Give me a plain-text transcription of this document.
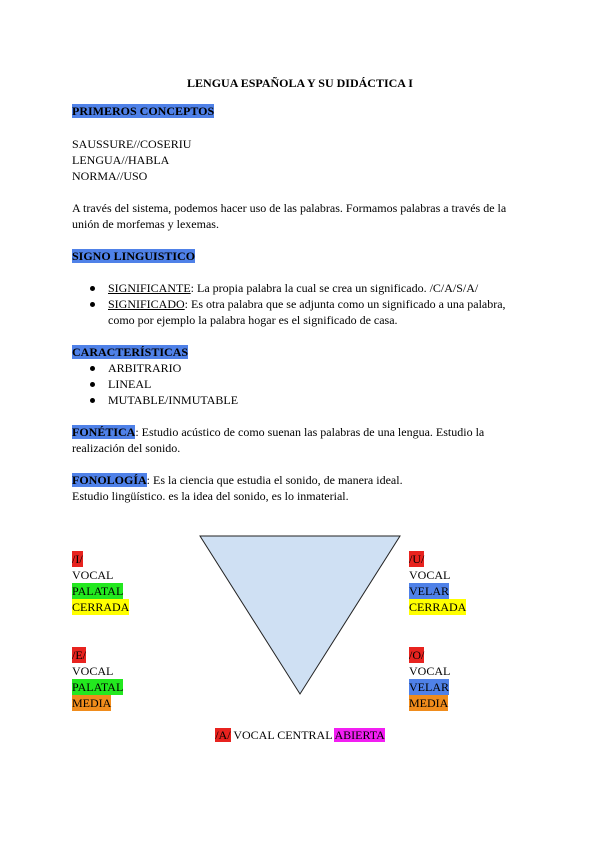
LENGUA ESPAÑOLA Y SU DIDÁCTICA I
PRIMEROS CONCEPTOS
SAUSSURE//COSERIU
LENGUA//HABLA
NORMA//USO
A través del sistema, podemos hacer uso de las palabras. Formamos palabras a través de la unión de morfemas y lexemas.
SIGNO LINGUISTICO
SIGNIFICANTE: La propia palabra la cual se crea un significado. /C/A/S/A/
SIGNIFICADO: Es otra palabra que se adjunta como un significado a una palabra, como por ejemplo la palabra hogar es el significado de casa.
CARACTERÍSTICAS
ARBITRARIO
LINEAL
MUTABLE/INMUTABLE
FONÉTICA: Estudio acústico de como suenan las palabras de una lengua. Estudio la realización del sonido.
FONOLOGÍA: Es la ciencia que estudia el sonido, de manera ideal.
Estudio lingüístico. es la idea del sonido, es lo inmaterial.
/I/
VOCAL
PALATAL
CERRADA
/U/
VOCAL
VELAR
CERRADA
/E/
VOCAL
PALATAL
MEDIA
/O/
VOCAL
VELAR
MEDIA
/A/ VOCAL CENTRAL ABIERTA
